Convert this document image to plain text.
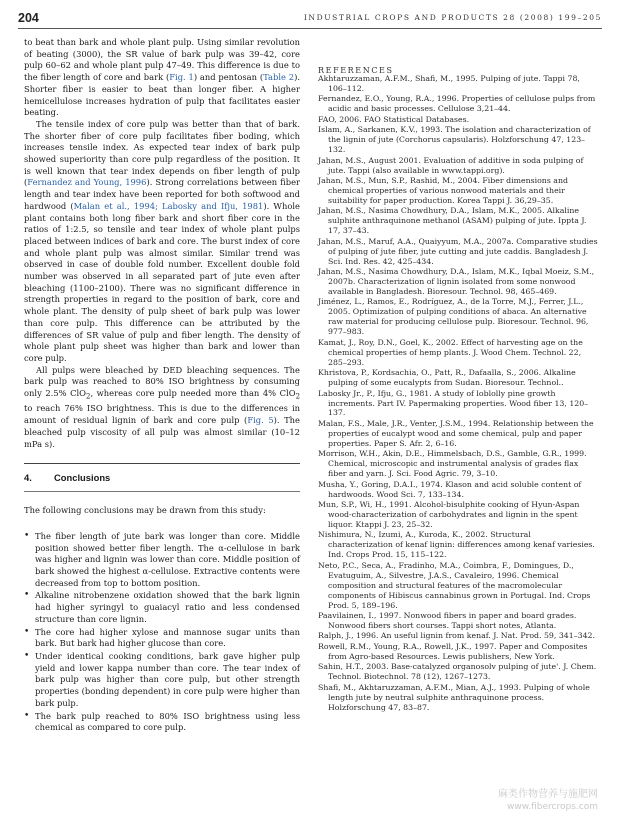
204	INDUSTRIAL CROPS AND PRODUCTS 28 (2008) 199–205

to beat than bark and whole plant pulp. Using similar revolution of beating (3000), the SR value of bark pulp was 39–42, core pulp 60–62 and whole plant pulp 47–49. This difference is due to the fiber length of core and bark (Fig. 1) and pentosan (Table 2). Shorter fiber is easier to beat than longer fiber. A higher hemicellulose increases hydration of pulp that facilitates easier beating.

The tensile index of core pulp was better than that of bark. The shorter fiber of core pulp facilitates fiber boding, which increases tensile index. As expected tear index of bark pulp showed superiority than core pulp regardless of the position. It is well known that tear index depends on fiber length of pulp (Fernandez and Young, 1996). Strong correlations between fiber length and tear index have been reported for both softwood and hardwood (Malan et al., 1994; Labosky and Ifju, 1981). Whole plant contains both long fiber bark and short fiber core in the ratios of 1:2.5, so tensile and tear index of whole plant pulps placed between indices of bark and core. The burst index of core and whole plant pulp was almost similar. Similar trend was observed in case of double fold number. Excellent double fold number was observed in all separated part of jute even after bleaching (1100–2100). There was no significant difference in strength properties in regard to the position of bark, core and whole plant. The density of pulp sheet of bark pulp was lower than core pulp. This difference can be attributed by the differences of SR value of pulp and fiber length. The density of whole plant pulp sheet was higher than bark and lower than core pulp.

All pulps were bleached by DED bleaching sequences. The bark pulp was reached to 80% ISO brightness by consuming only 2.5% ClO$_2$, whereas core pulp needed more than 4% ClO$_2$ to reach 76% ISO brightness. This is due to the differences in amount of residual lignin of bark and core pulp (Fig. 5). The bleached pulp viscosity of all pulp was almost similar (10–12 mPa s).

4. Conclusions

The following conclusions may be drawn from this study:

• The fiber length of jute bark was longer than core. Middle position showed better fiber length. The α-cellulose in bark was higher and lignin was lower than core. Middle position of bark showed the highest α-cellulose. Extractive contents were decreased from top to bottom position.
• Alkaline nitrobenzene oxidation showed that the bark lignin had higher syringyl to guaiacyl ratio and less condensed structure than core lignin.
• The core had higher xylose and mannose sugar units than bark. But bark had higher glucose than core.
• Under identical cooking conditions, bark gave higher pulp yield and lower kappa number than core. The tear index of bark pulp was higher than core pulp, but other strength properties (bonding dependent) in core pulp were higher than bark pulp.
• The bark pulp reached to 80% ISO brightness using less chemical as compared to core pulp.
REFERENCES
Akhtaruzzaman, A.F.M., Shafi, M., 1995. Pulping of jute. Tappi 78, 106–112.
Fernandez, E.O., Young, R.A., 1996. Properties of cellulose pulps from acidic and basic processes. Cellulose 3,21–44.
FAO, 2006. FAO Statistical Databases.
Islam, A., Sarkanen, K.V., 1993. The isolation and characterization of the lignin of jute (Corchorus capsularis). Holzforschung 47, 123–132.
Jahan, M.S., August 2001. Evaluation of additive in soda pulping of jute. Tappi (also available in www.tappi.org).
Jahan, M.S., Mun, S.P., Rashid, M., 2004. Fiber dimensions and chemical properties of various nonwood materials and their suitability for paper production. Korea Tappi J. 36,29–35.
Jahan, M.S., Nasima Chowdhury, D.A., Islam, M.K., 2005. Alkaline sulphite anthraquinone methanol (ASAM) pulping of jute. Ippta J. 17, 37–43.
Jahan, M.S., Maruf, A.A., Quaiyyum, M.A., 2007a. Comparative studies of pulping of jute fiber, jute cutting and jute caddis. Bangladesh J. Sci. Ind. Res. 42, 425–434.
Jahan, M.S., Nasima Chowdhury, D.A., Islam, M.K., Iqbal Moeiz, S.M., 2007b. Characterization of lignin isolated from some nonwood available in Bangladesh. Bioresour. Technol. 98, 465–469.
Jiménez, L., Ramos, E., Rodríguez, A., de la Torre, M.J., Ferrer, J.L., 2005. Optimization of pulping conditions of abaca. An alternative raw material for producing cellulose pulp. Bioresour. Technol. 96, 977–983.
Kamat, J., Roy, D.N., Goel, K., 2002. Effect of harvesting age on the chemical properties of hemp plants. J. Wood Chem. Technol. 22, 285–293.
Khristova, P., Kordsachia, O., Patt, R., Dafaalla, S., 2006. Alkaline pulping of some eucalypts from Sudan. Bioresour. Technol..
Labosky Jr., P., Ifju, G., 1981. A study of loblolly pine growth increments. Part IV. Papermaking properties. Wood fiber 13, 120–137.
Malan, F.S., Male, J.R., Venter, J.S.M., 1994. Relationship between the properties of eucalypt wood and some chemical, pulp and paper properties. Paper S. Afr. 2, 6–16.
Morrison, W.H., Akin, D.E., Himmelsbach, D.S., Gamble, G.R., 1999. Chemical, microscopic and instrumental analysis of grades flax fiber and yarn. J. Sci. Food Agric. 79, 3–10.
Musha, Y., Goring, D.A.I., 1974. Klason and acid soluble content of hardwoods. Wood Sci. 7, 133–134.
Mun, S.P., Wi, H., 1991. Alcohol-bisulphite cooking of Hyun-Aspan wood-characterization of carbohydrates and lignin in the spent liquor. Ktappi J. 23, 25–32.
Nishimura, N., Izumi, A., Kuroda, K., 2002. Structural characterization of kenaf lignin: differences among kenaf variesies. Ind. Crops Prod. 15, 115–122.
Neto, P.C., Seca, A., Fradinho, M.A., Coimbra, F., Domingues, D., Evatuguim, A., Silvestre, J.A.S., Cavaleiro, 1996. Chemical composition and structural features of the macromolecular components of Hibiscus cannabinus grown in Portugal. Ind. Crops Prod. 5, 189–196.
Paavilainen, I., 1997. Nonwood fibers in paper and board grades. Nonwood fibers short courses. Tappi short notes, Atlanta.
Ralph, J., 1996. An useful lignin from kenaf. J. Nat. Prod. 59, 341–342.
Rowell, R.M., Young, R.A., Rowell, J.K., 1997. Paper and Composites from Agro-based Resources. Lewis publishers, New York.
Sahin, H.T., 2003. Base-catalyzed organosolv pulping of jute'. J. Chem. Technol. Biotechnol. 78 (12), 1267–1273.
Shafi, M., Akhtaruzzaman, A.F.M., Mian, A.J., 1993. Pulping of whole length jute by neutral sulphite anthraquinone process. Holzforschung 47, 83–87.
麻类作物营养与施肥网
www.fibercrops.com
